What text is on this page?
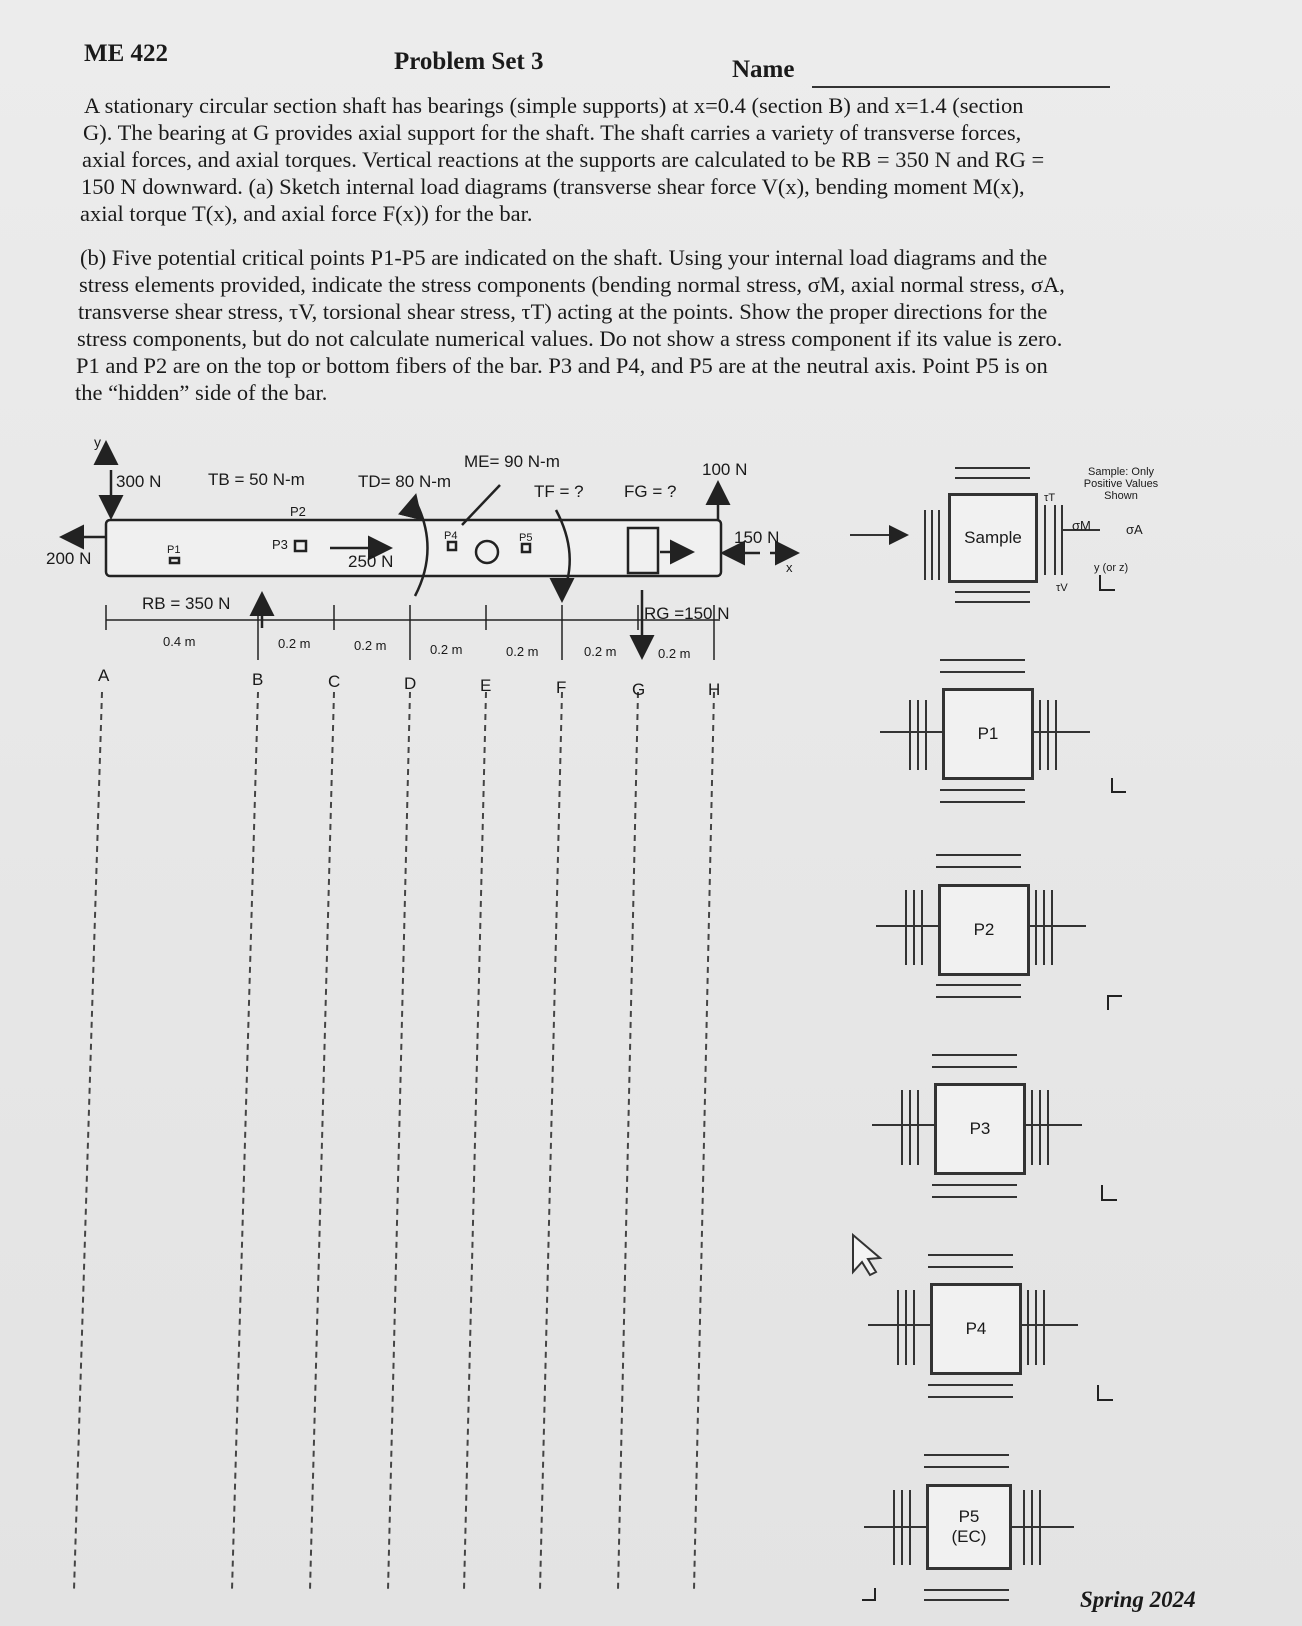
ME 422	Problem Set 3	Name
A stationary circular section shaft has bearings (simple supports) at x=0.4 (section B) and x=1.4 (section
G). The bearing at G provides axial support for the shaft. The shaft carries a variety of transverse forces,
axial forces, and axial torques. Vertical reactions at the supports are calculated to be RB = 350 N and RG =
150 N downward. (a) Sketch internal load diagrams (transverse shear force V(x), bending moment M(x),
axial torque T(x), and axial force F(x)) for the bar.
(b) Five potential critical points P1-P5 are indicated on the shaft. Using your internal load diagrams and the
stress elements provided, indicate the stress components (bending normal stress, σM, axial normal stress, σA,
transverse shear stress, τV, torsional shear stress, τT) acting at the points. Show the proper directions for the
stress components, but do not calculate numerical values. Do not show a stress component if its value is zero.
P1 and P2 are on the top or bottom fibers of the bar. P3 and P4, and P5 are at the neutral axis. Point P5 is on
the “hidden” side of the bar.
y
300 N	TB = 50 N-m	TD= 80 N-m
ME= 90 N-m
TF = ? FG = ?
100 N
200 N	250 N
150 N
x
RB = 350 N
RG =150 N
P1
P2
P3
P4	P5
0.4 m	0.2 m	0.2 m	0.2 m	0.2 m	0.2 m	0.2 m
A	B	C	D	E	F	G	H
Sample
Sample: Only Positive Values Shown
σM	σA
τT
τV
y (or z)
P1
P2
P3
P4
P5 (EC)
Spring 2024
